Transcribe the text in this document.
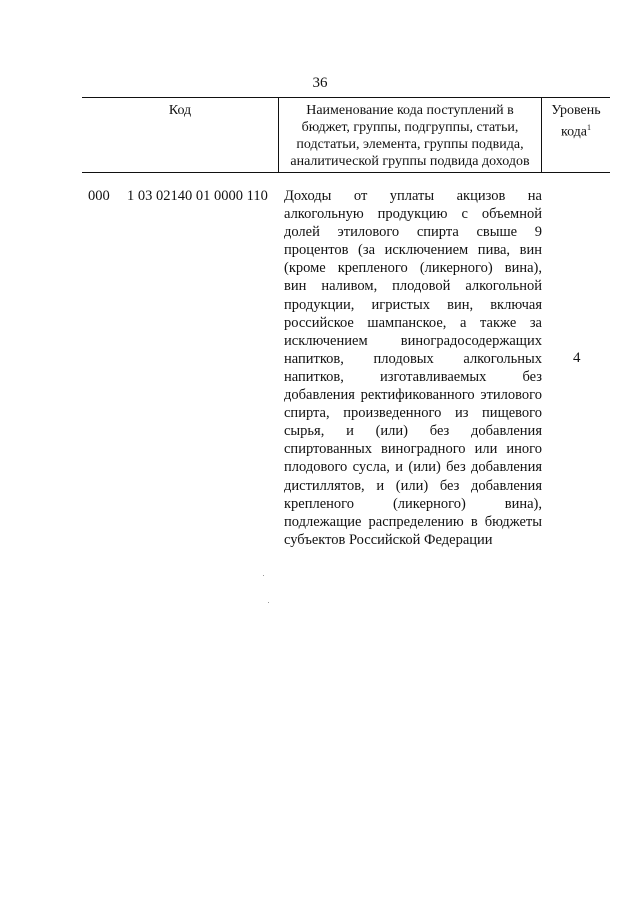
36
Код	Наименование кода поступлений в
бюджет, группы, подгруппы, статьи,
подстатьи, элемента, группы подвида,
аналитической группы подвида доходов
Уровень
кода$^1$
000 1 03 02140 01 0000 110 Доходы от уплаты акцизов на алкогольную продукцию с объемной долей этилового спирта свыше 9 процентов (за исключением пива, вин (кроме крепленого (ликерного) вина), вин наливом, плодовой алкогольной продукции, игристых вин, включая российское шампанское, а также за исключением виноградосодержащих напитков, плодовых алкогольных напитков, изготавливаемых без добавления ректификованного этилового спирта, произведенного из пищевого сырья, и (или) без добавления спиртованных виноградного или иного плодового сусла, и (или) без добавления дистиллятов, и (или) без добавления крепленого (ликерного) вина), подлежащие распределению в бюджеты субъектов Российской Федерации
4
